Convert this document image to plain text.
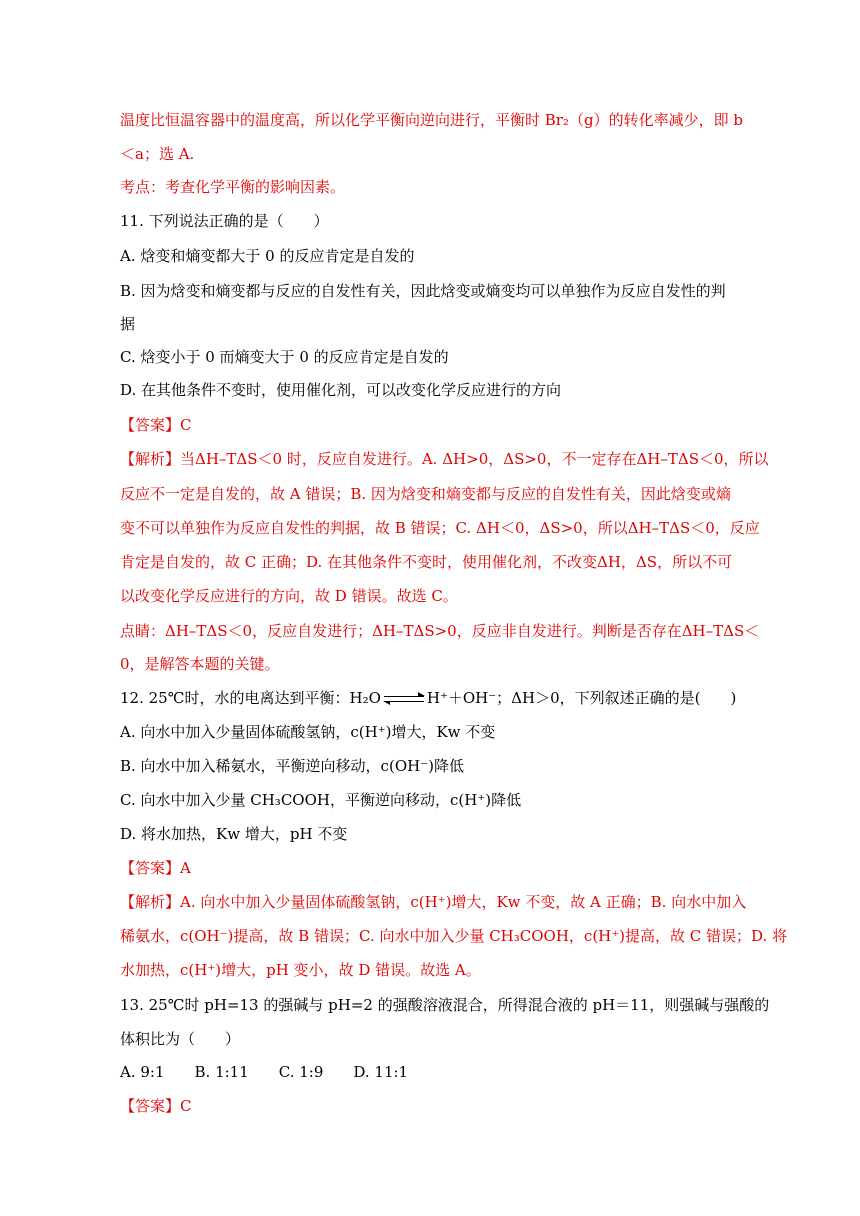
温度比恒温容器中的温度高，所以化学平衡向逆向进行，平衡时 Br₂（g）的转化率减少，即 b
＜a；选 A.
考点：考查化学平衡的影响因素。
11. 下列说法正确的是（　　）
A. 焓变和熵变都大于 0 的反应肯定是自发的
B. 因为焓变和熵变都与反应的自发性有关，因此焓变或熵变均可以单独作为反应自发性的判
据
C. 焓变小于 0 而熵变大于 0 的反应肯定是自发的
D. 在其他条件不变时，使用催化剂，可以改变化学反应进行的方向
【答案】C
【解析】当ΔH–TΔS＜0 时，反应自发进行。A. ΔH>0，ΔS>0，不一定存在ΔH–TΔS＜0，所以
反应不一定是自发的，故 A 错误；B. 因为焓变和熵变都与反应的自发性有关，因此焓变或熵
变不可以单独作为反应自发性的判据，故 B 错误；C. ΔH＜0，ΔS>0，所以ΔH–TΔS＜0，反应
肯定是自发的，故 C 正确；D. 在其他条件不变时，使用催化剂，不改变ΔH，ΔS，所以不可
以改变化学反应进行的方向，故 D 错误。故选 C。
点睛：ΔH–TΔS＜0，反应自发进行；ΔH–TΔS>0，反应非自发进行。判断是否存在ΔH–TΔS＜
0，是解答本题的关键。
12. 25℃时，水的电离达到平衡：H₂O	H⁺＋OH⁻；ΔH＞0，下列叙述正确的是(　　)
A. 向水中加入少量固体硫酸氢钠，c(H⁺)增大，Kw 不变
B. 向水中加入稀氨水，平衡逆向移动，c(OH⁻)降低
C. 向水中加入少量 CH₃COOH，平衡逆向移动，c(H⁺)降低
D. 将水加热，Kw 增大，pH 不变
【答案】A
【解析】A. 向水中加入少量固体硫酸氢钠，c(H⁺)增大，Kw 不变，故 A 正确；B. 向水中加入
稀氨水，c(OH⁻)提高，故 B 错误；C. 向水中加入少量 CH₃COOH，c(H⁺)提高，故 C 错误；D. 将
水加热，c(H⁺)增大，pH 变小，故 D 错误。故选 A。
13. 25℃时 pH=13 的强碱与 pH=2 的强酸溶液混合，所得混合液的 pH＝11，则强碱与强酸的
体积比为（　　）
A. 9:1　　B. 1:11　　C. 1:9　　D. 11:1
【答案】C
